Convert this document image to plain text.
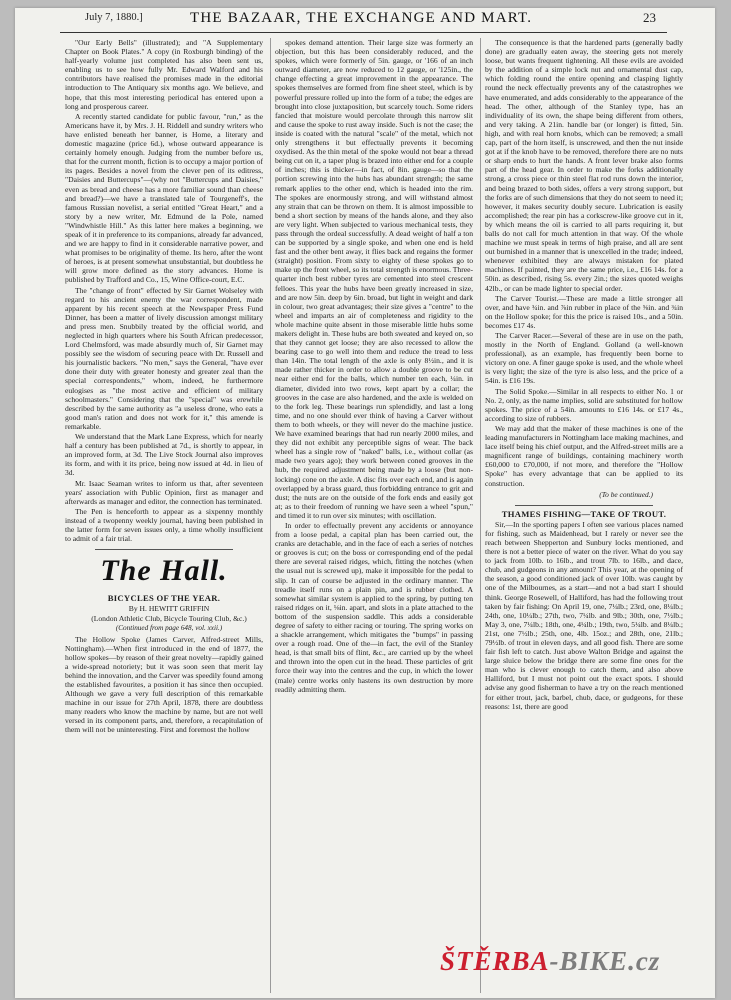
July 7, 1880.]	THE BAZAAR, THE EXCHANGE AND MART.	23

"Our Early Bells" (illustrated); and "A Supplementary Chapter on Book Plates." A copy (in Roxburgh binding) of the half-yearly volume just completed has also been sent us, enabling us to see how fully Mr. Edward Walford and his contributors have realised the promises made in the editorial introduction to The Antiquary six months ago. We believe, and hope, that this most interesting periodical has entered upon a long and prosperous career.

A recently started candidate for public favour, "run," as the Americans have it, by Mrs. J. H. Riddell and sundry writers who have enlisted beneath her banner, is Home, a literary and domestic magazine (price 6d.), whose outward appearance is certainly homely enough. Judging from the number before us, that for the current month, fiction is to occupy a major portion of its pages. Besides a novel from the clever pen of its editress, "Daisies and Buttercups"—(why not "Buttercups and Daisies," even as bread and cheese has a more familiar sound than cheese and bread?)—we have a translated tale of Tourgeneff's, the famous Russian novelist, a serial entitled "Great Heart," and a story by a new writer, Mr. Edmund de la Pole, named "Windwhistle Hill." As this latter here makes a beginning, we speak of it in preference to its companions, already far advanced, and we are happy to find in it considerable narrative power, and what promises to be originality of theme. Its hero, after the wont of heroes, is at present somewhat unsubstantial, but doubtless he will grow more defined as the story advances. Home is published by Trafford and Co., 15, Wine Office-court, E.C.

The "change of front" effected by Sir Garnet Wolseley with regard to his ancient enemy the war correspondent, made apparent by his recent speech at the Newspaper Press Fund Dinner, has been a matter of lively discussion amongst military and press men. Snubbily treated by the official world, and neglected in high quarters where his South African predecessor, Lord Chelmsford, was made absurdly much of, Sir Garnet may possibly see the wisdom of securing peace with Dr. Russell and his journalistic backers. "No men," says the General, "have ever done their duty with greater honesty and greater zeal than the special correspondents," whom, indeed, he furthermore eulogises as "the most active and efficient of military schoolmasters." Considering that the "special" was erewhile described by the same authority as "a useless drone, who eats a good man's ration and does not work for it," this amende is remarkable.

We understand that the Mark Lane Express, which for nearly half a century has been published at 7d., is shortly to appear, in an improved form, at 3d. The Live Stock Journal also improves its form, and with it its price, being now issued at 4d. in lieu of 3d.

Mr. Isaac Seaman writes to inform us that, after seventeen years' association with Public Opinion, first as manager and afterwards as manager and editor, the connection has terminated.

The Pen is henceforth to appear as a sixpenny monthly instead of a twopenny weekly journal, having been published in the latter form for seven issues only, a time wholly insufficient to admit of a fair trial.

The Hall.
BICYCLES OF THE YEAR.

By H. HEWITT GRIFFIN

(London Athletic Club, Bicycle Touring Club, &c.)

(Continued from page 648, vol. xxii.)

The Hollow Spoke (James Carver, Alfred-street Mills, Nottingham).—When first introduced in the end of 1877, the hollow spokes—by reason of their great novelty—rapidly gained a wide-spread notoriety; but it was soon seen that merit lay behind the innovation, and the Carver was speedily found among the established favourites, a position it has since then occupied. Although we gave a very full description of this remarkable machine in our issue for 27th April, 1878, there are doubtless many readers who know the machine by name, but are not well versed in its component parts, and, therefore, a recapitulation of them will not be uninteresting. First and foremost the hollow

spokes demand attention. Their large size was formerly an objection, but this has been considerably reduced, and the spokes, which were formerly of 5in. gauge, or '166 of an inch outward diameter, are now reduced to 12 gauge, or '125in., the change effecting a great improvement in the appearance. The spokes themselves are formed from fine sheet steel, which is by powerful pressure rolled up into the form of a tube; the edges are brought into close juxtaposition, but scarcely touch. Some riders fancied that moisture would percolate through this narrow slit and cause the spoke to rust away inside. Such is not the case; the inside is coated with the natural "scale" of the metal, which not only strengthens it but effectually prevents it becoming oxydised. As the thin metal of the spoke would not bear a thread being cut on it, a taper plug is brazed into either end for a couple of inches; this is thicker—in fact, of 8in. gauge—so that the portion screwing into the hubs has abundant strength; the same remark applies to the other end, which is headed into the rim. The spokes are enormously strong, and will withstand almost any strain that can be thrown on them. It is almost impossible to bend a short section by means of the hands alone, and they also are very light. When subjected to various mechanical tests, they pass through the ordeal successfully. A dead weight of half a ton can be supported by a single spoke, and when one end is held fast and the other bent away, it flies back and regains the former (straight) position. From sixty to eighty of these spokes go to make up the front wheel, so its total strength is enormous. Three-quarter inch best rubber tyres are cemented into steel crescent felloes. This year the hubs have been greatly increased in size, and are now 5in. deep by 6in. broad, but light in weight and dark in colour, two great advantages; their size gives a "centre" to the wheel and imparts an air of completeness and rigidity to the whole machine quite absent in those miserable little hubs some makers delight in. These hubs are both sweated and keyed on, so that they cannot get loose; they are also recessed to allow the bearing case to go well into them and reduce the tread to less than 14in. The total length of the axle is only 8½in., and it is made rather thicker in order to allow a double groove to be cut near either end for the balls, which number ten each, ¼in. in diameter, divided into two rows, kept apart by a collar; the grooves in the case are also hardened, and the axle is welded on to the fork leg. These bearings run splendidly, and last a long time, and no one should ever think of having a Carver without them to both wheels, or they will never do the machine justice. We have examined bearings that had run nearly 2000 miles, and they did not exhibit any perceptible signs of wear. The back wheel has a single row of "naked" balls, i.e., without collar (as made two years ago); they work between coned grooves in the hub, the required adjustment being made by a loose (but non-locking) cone on the axle. A disc fits over each end, and is again overlapped by a brass guard, thus forbidding entrance to grit and dust; the nuts are on the outside of the fork ends and easily got at; as to their freedom of running we have seen a wheel "spun," and timed it to run over six minutes; with oscillation.

In order to effectually prevent any accidents or annoyance from a loose pedal, a capital plan has been carried out, the cranks are detachable, and in the face of each a series of notches or grooves is cut; on the boss or corresponding end of the pedal there are several raised ridges, which, fitting the notches (when the usual nut is screwed up), make it impossible for the pedal to slip. It can of course be adjusted in the ordinary manner. The treadle itself runs on a plain pin, and is rubber clothed. A somewhat similar system is applied to the spring, by putting ten raised ridges on it, ⅛in. apart, and slots in a plate attached to the bottom of the suspension saddle. This adds a considerable degree of safety to either racing or touring. The spring works on a shackle arrangement, which mitigates the "bumps" in passing over a rough road. One of the—in fact, the evil of the Stanley head, is that small bits of flint, &c., are carried up by the wheel and thrown into the open cut in the head. These particles of grit force their way into the centres and the cup, in which the lower (male) centre works only hastens its own destruction by more readily admitting them.

The consequence is that the hardened parts (generally badly done) are gradually eaten away, the steering gets not merely loose, but wants frequent tightening. All these evils are avoided by the addition of a simple lock nut and ornamental dust cap, which folding round the entire opening and clasping lightly round the neck effectually prevents any of the catastrophes we have enumerated, and adds considerably to the appearance of the head. The other, although of the Stanley type, has an individuality of its own, the shape being different from others, and very taking. A 21in. handle bar (or longer) is fitted, 5in. high, and with real horn knobs, which can be removed; a small cap, part of the horn itself, is unscrewed, and then the nut inside got at if the knob have to be removed, therefore there are no nuts or sharp ends to hurt the hands. A front lever brake also forms part of the head gear. In order to make the forks additionally strong, a cross piece or thin steel flat rod runs down the interior, and being brazed to both sides, offers a very strong support, but the forks are of such dimensions that they do not seem to need it; however, it makes security doubly secure. Lubrication is easily accomplished; the rear pin has a corkscrew-like groove cut in it, by which means the oil is carried to all parts requiring it, but balls do not call for much attention in that way. Of the whole machine we must speak in terms of high praise, and all are sent out burnished in a manner that is unexcelled in the trade; indeed, whenever exhibited they are always mistaken for plated machines. If painted, they are the same price, i.e., £16 14s. for a 50in. as described, rising 5s. every 2in.; the sizes quoted weighs 42lb., or can be made lighter to special order.

The Carver Tourist.—These are made a little stronger all over, and have ¾in. and ⅞in rubber in place of the ⅝in. and ¾in on the Hollow spoke; for this the price is raised 10s., and a 50in. becomes £17 4s.

The Carver Racer.—Several of these are in use on the path, mostly in the North of England. Golland (a well-known professional), as an example, has frequently been borne to victory on one. A finer gauge spoke is used, and the whole wheel is very light; the size of the tyre is also less, and the price of a 54in. is £16 19s.

The Solid Spoke.—Similar in all respects to either No. 1 or No. 2, only, as the name implies, solid are substituted for hollow spokes. The price of a 54in. amounts to £16 14s. or £17 4s., according to size of rubbers.

We may add that the maker of these machines is one of the leading manufacturers in Nottingham lace making machines, and lace itself being his chief output, and the Alfred-street mills are a magnificent range of buildings, containing machinery worth £60,000 to £70,000, if not more, and therefore the "Hollow Spoke" has every advantage that can be applied to its construction.

(To be continued.)
THAMES FISHING—TAKE OF TROUT.

Sir,—In the sporting papers I often see various places named for fishing, such as Maidenhead, but I rarely or never see the reach between Shepperton and Sunbury locks mentioned, and there is not a better piece of water on the river. What do you say to jack from 10lb. to 16lb., and trout 7lb. to 16lb., and dace, chub, and gudgeons in any amount? This year, at the opening of the season, a good conditioned jack of over 10lb. was caught by one of the Milbournes, as a start—and not a bad start I should think. George Rosewell, of Halliford, has had the following trout taken by fair fishing: On April 19, one, 7¼lb.; 23rd, one, 8¼lb.; 24th, one, 10¼lb.; 27th, two, 7¼lb. and 9lb.; 30th, one, 7½lb.; May 3, one, 7¼lb.; 18th, one, 4¼lb.; 19th, two, 5¼lb. and 8¼lb.; 21st, one 7½lb.; 25th, one, 4lb. 15oz.; and 28th, one, 21lb.; 79½lb. of trout in eleven days, and all good fish. There are some fair fish left to catch. Just above Walton Bridge and against the large sluice below the bridge there are some fine ones for the man who is clever enough to catch them, and also above Halliford, but I must not point out the exact spots. I should advise any good fisherman to have a try on the reach mentioned for either trout, jack, barbel, chub, dace, or gudgeons, for these reasons: 1st, there are good

ŠTĚRBA-BIKE.cz
